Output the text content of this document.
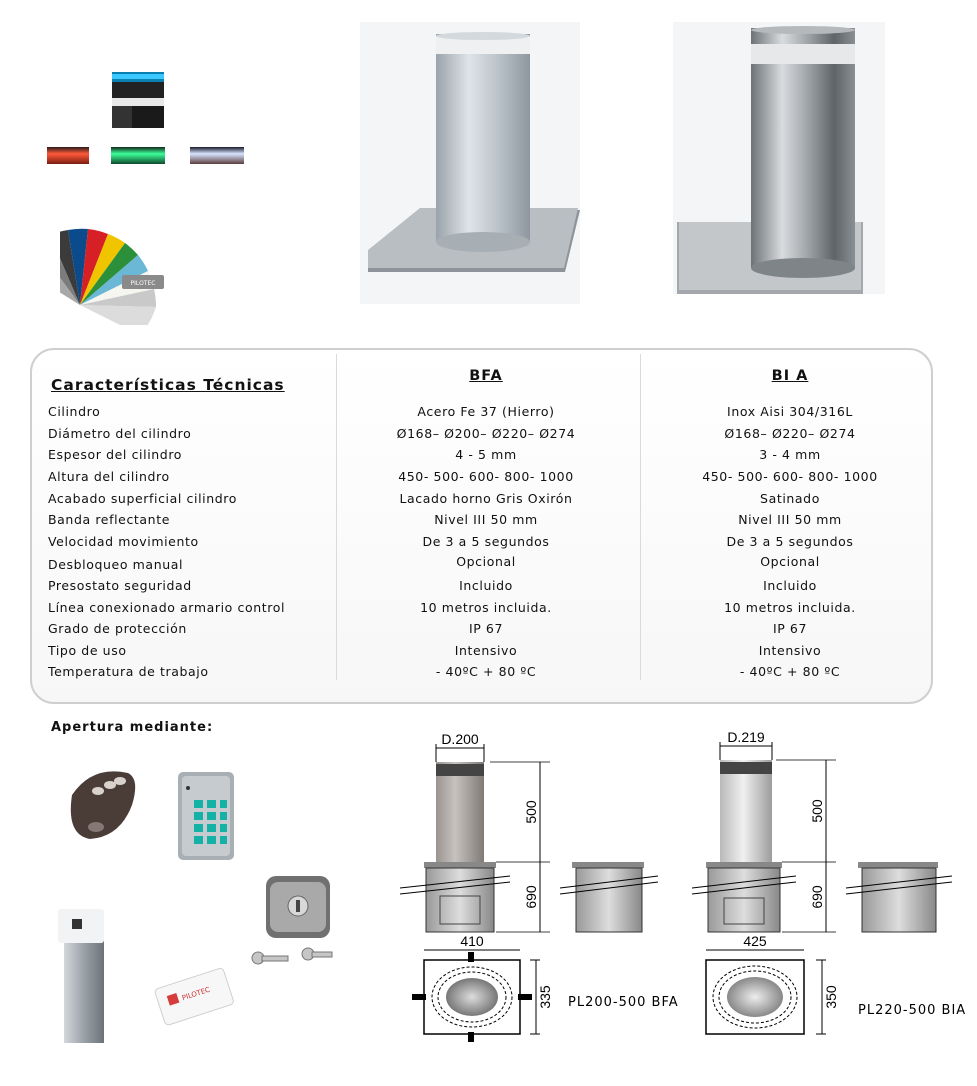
PILOTEC
Características Técnicas	BFA	BI A
Cilindro	Acero Fe 37 (Hierro)	Inox Aisi 304/316L
Diámetro del cilindro	Ø168– Ø200– Ø220– Ø274	Ø168– Ø220– Ø274
Espesor del cilindro	4 - 5 mm	3 - 4 mm
Altura del cilindro	450- 500- 600- 800- 1000	450- 500- 600- 800- 1000
Acabado superficial cilindro	Lacado horno Gris Oxirón	Satinado
Banda reflectante	Nivel III 50 mm	Nivel III 50 mm
Velocidad movimiento	De 3 a 5 segundos	De 3 a 5 segundos
Desbloqueo manual	Opcional	Opcional
Presostato seguridad	Incluido	Incluido
Línea conexionado armario control	10 metros incluida.	10 metros incluida.
Grado de protección	IP 67	IP 67
Tipo de uso	Intensivo	Intensivo
Temperatura de trabajo	- 40ºC + 80 ºC	- 40ºC + 80 ºC
Apertura mediante:
PILOTEC
D.200
500
690
410
335 PL200-500 BFA
D.219
500
690
425
350
PL220-500 BIA
